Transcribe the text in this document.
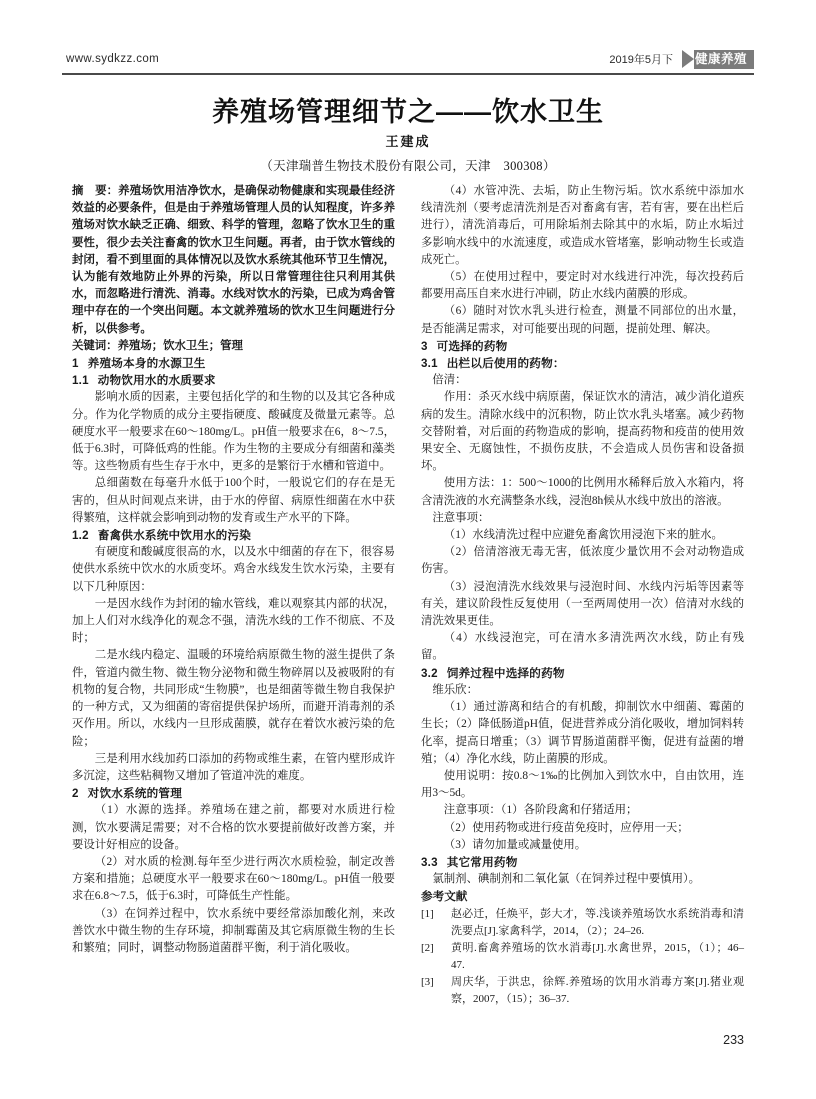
www.sydkzz.com	2019年5月下 健康养殖
养殖场管理细节之——饮水卫生
王建成
（天津瑞普生物技术股份有限公司，天津　300308）

摘　要：养殖场饮用洁净饮水，是确保动物健康和实现最佳经济效益的必要条件，但是由于养殖场管理人员的认知程度，许多养殖场对饮水缺乏正确、细致、科学的管理，忽略了饮水卫生的重要性，很少去关注畜禽的饮水卫生问题。再者，由于饮水管线的封闭，看不到里面的具体情况以及饮水系统其他环节卫生情况，认为能有效地防止外界的污染，所以日常管理往往只利用其供水，而忽略进行清洗、消毒。水线对饮水的污染，已成为鸡舍管理中存在的一个突出问题。本文就养殖场的饮水卫生问题进行分析，以供参考。

关键词：养殖场；饮水卫生；管理

1 养殖场本身的水源卫生

1.1 动物饮用水的水质要求

影响水质的因素，主要包括化学的和生物的以及其它各种成分。作为化学物质的成分主要指硬度、酸碱度及微量元素等。总硬度水平一般要求在60～180mg/L。pH值一般要求在6，8～7.5，低于6.3时，可降低鸡的性能。作为生物的主要成分有细菌和藻类等。这些物质有些生存于水中，更多的是繁衍于水槽和管道中。

总细菌数在每毫升水低于100个时，一般说它们的存在是无害的，但从时间观点来讲，由于水的停留、病原性细菌在水中获得繁殖，这样就会影响到动物的发育或生产水平的下降。

1.2 畜禽供水系统中饮用水的污染

有硬度和酸碱度很高的水，以及水中细菌的存在下，很容易使供水系统中饮水的水质变坏。鸡舍水线发生饮水污染，主要有以下几种原因：

一是因水线作为封闭的输水管线，难以观察其内部的状况，加上人们对水线净化的观念不强，清洗水线的工作不彻底、不及时；

二是水线内稳定、温暖的环境给病原微生物的滋生提供了条件，管道内微生物、微生物分泌物和微生物碎屑以及被吸附的有机物的复合物，共同形成“生物膜”，也是细菌等微生物自我保护的一种方式，又为细菌的寄宿提供保护场所，而避开消毒剂的杀灭作用。所以，水线内一旦形成菌膜，就存在着饮水被污染的危险；

三是利用水线加药口添加的药物或维生素，在管内壁形成许多沉淀，这些粘稠物又增加了管道冲洗的难度。

2 对饮水系统的管理

（1）水源的选择。养殖场在建之前，都要对水质进行检测，饮水要满足需要；对不合格的饮水要提前做好改善方案，并要设计好相应的设备。

（2）对水质的检测.每年至少进行两次水质检验，制定改善方案和措施；总硬度水平一般要求在60～180mg/L。pH值一般要求在6.8～7.5，低于6.3时，可降低生产性能。

（3）在饲养过程中，饮水系统中要经常添加酸化剂，来改善饮水中微生物的生存环境，抑制霉菌及其它病原微生物的生长和繁殖；同时，调整动物肠道菌群平衡，利于消化吸收。

（4）水管冲洗、去垢，防止生物污垢。饮水系统中添加水线清洗剂（要考虑清洗剂是否对畜禽有害，若有害，要在出栏后进行），清洗消毒后，可用除垢剂去除其中的水垢，防止水垢过多影响水线中的水流速度，或造成水管堵塞，影响动物生长或造成死亡。

（5）在使用过程中，要定时对水线进行冲洗，每次投药后都要用高压自来水进行冲刷，防止水线内菌膜的形成。

（6）随时对饮水乳头进行检查，测量不同部位的出水量，是否能满足需求，对可能要出现的问题，提前处理、解决。

3 可选择的药物

3.1 出栏以后使用的药物：

倍清：

作用：杀灭水线中病原菌，保证饮水的清洁，减少消化道疾病的发生。清除水线中的沉积物，防止饮水乳头堵塞。减少药物交替附着，对后面的药物造成的影响，提高药物和疫苗的使用效果安全、无腐蚀性，不损伤皮肤，不会造成人员伤害和设备损坏。

使用方法：1：500～1000的比例用水稀释后放入水箱内，将含清洗液的水充满整条水线，浸泡8h候从水线中放出的溶液。

注意事项：

（1）水线清洗过程中应避免畜禽饮用浸泡下来的脏水。

（2）倍清溶液无毒无害，低浓度少量饮用不会对动物造成伤害。

（3）浸泡清洗水线效果与浸泡时间、水线内污垢等因素等有关，建议阶段性反复使用（一至两周使用一次）倍清对水线的清洗效果更佳。

（4）水线浸泡完，可在清水多清洗两次水线，防止有残留。

3.2 饲养过程中选择的药物

维乐欣：

（1）通过游离和结合的有机酸，抑制饮水中细菌、霉菌的生长；（2）降低肠道pH值，促进营养成分消化吸收，增加饲料转化率，提高日增重；（3）调节胃肠道菌群平衡，促进有益菌的增殖；（4）净化水线，防止菌膜的形成。

使用说明：按0.8～1‰的比例加入到饮水中，自由饮用，连用3～5d。

注意事项：（1）各阶段禽和仔猪适用；

（2）使用药物或进行疫苗免疫时，应停用一天；

（3）请勿加量或减量使用。

3.3 其它常用药物

氯制剂、碘制剂和二氧化氯（在饲养过程中要慎用）。

参考文献

[1]	赵必迁，任焕平，彭大才，等.浅谈养殖场饮水系统消毒和清洗要点[J].家禽科学，2014，（2）；24–26.
[2]	黄明.畜禽养殖场的饮水消毒[J].水禽世界，2015，（1）；46–47.
[3]	周庆华，于洪忠，徐辉.养殖场的饮用水消毒方案[J].猪业观察，2007，（15）；36–37.
233
